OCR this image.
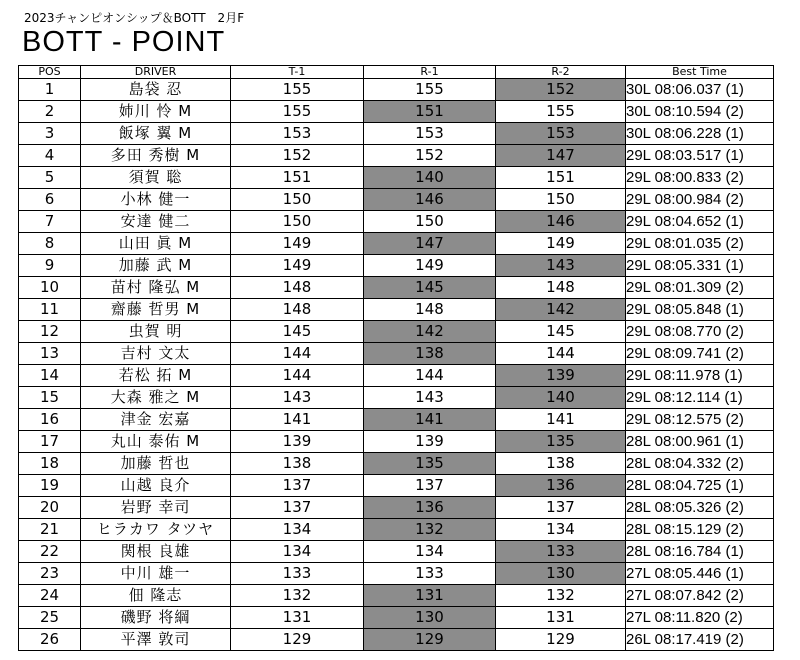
2023チャンピオンシップ＆BOTT　2月F
BOTT - POINT
POS	DRIVER	T-1	R-1	R-2	Best Time
1	島袋 忍	155	155	152	30L 08:06.037 (1)
2	姉川 怜 M	155	151	155	30L 08:10.594 (2)
3	飯塚 翼 M	153	153	153	30L 08:06.228 (1)
4	多田 秀樹 M	152	152	147	29L 08:03.517 (1)
5	須賀 聡	151	140	151	29L 08:00.833 (2)
6	小林 健一	150	146	150	29L 08:00.984 (2)
7	安達 健二	150	150	146	29L 08:04.652 (1)
8	山田 眞 M	149	147	149	29L 08:01.035 (2)
9	加藤 武 M	149	149	143	29L 08:05.331 (1)
10	苗村 隆弘 M	148	145	148	29L 08:01.309 (2)
11	齋藤 哲男 M	148	148	142	29L 08:05.848 (1)
12	虫賀 明	145	142	145	29L 08:08.770 (2)
13	吉村 文太	144	138	144	29L 08:09.741 (2)
14	若松 拓 M	144	144	139	29L 08:11.978 (1)
15	大森 雅之 M	143	143	140	29L 08:12.114 (1)
16	津金 宏嘉	141	141	141	29L 08:12.575 (2)
17	丸山 泰佑 M	139	139	135	28L 08:00.961 (1)
18	加藤 哲也	138	135	138	28L 08:04.332 (2)
19	山越 良介	137	137	136	28L 08:04.725 (1)
20	岩野 幸司	137	136	137	28L 08:05.326 (2)
21	ヒラカワ タツヤ	134	132	134	28L 08:15.129 (2)
22	関根 良雄	134	134	133	28L 08:16.784 (1)
23	中川 雄一	133	133	130	27L 08:05.446 (1)
24	佃 隆志	132	131	132	27L 08:07.842 (2)
25	磯野 将綱	131	130	131	27L 08:11.820 (2)
26	平澤 敦司	129	129	129	26L 08:17.419 (2)
